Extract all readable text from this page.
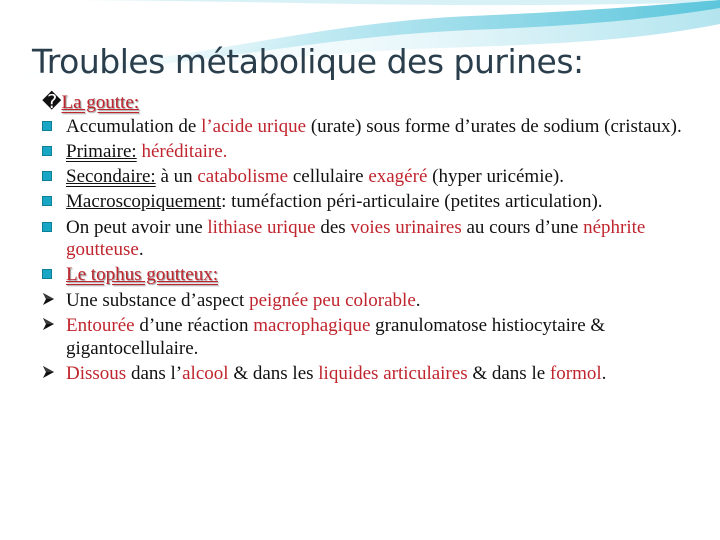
Troubles métabolique des purines:
�La goutte:
Accumulation de l’acide urique (urate) sous forme d’urates de sodium (cristaux).
Primaire: héréditaire.
Secondaire: à un catabolisme cellulaire exagéré (hyper uricémie).
Macroscopiquement: tuméfaction péri-articulaire (petites articulation).
On peut avoir une lithiase urique des voies urinaires au cours d’une néphrite goutteuse.
Le tophus goutteux:
Une substance d’aspect peignée peu colorable.
Entourée d’une réaction macrophagique granulomatose histiocytaire & gigantocellulaire.
Dissous dans l’alcool & dans les liquides articulaires & dans le formol.
